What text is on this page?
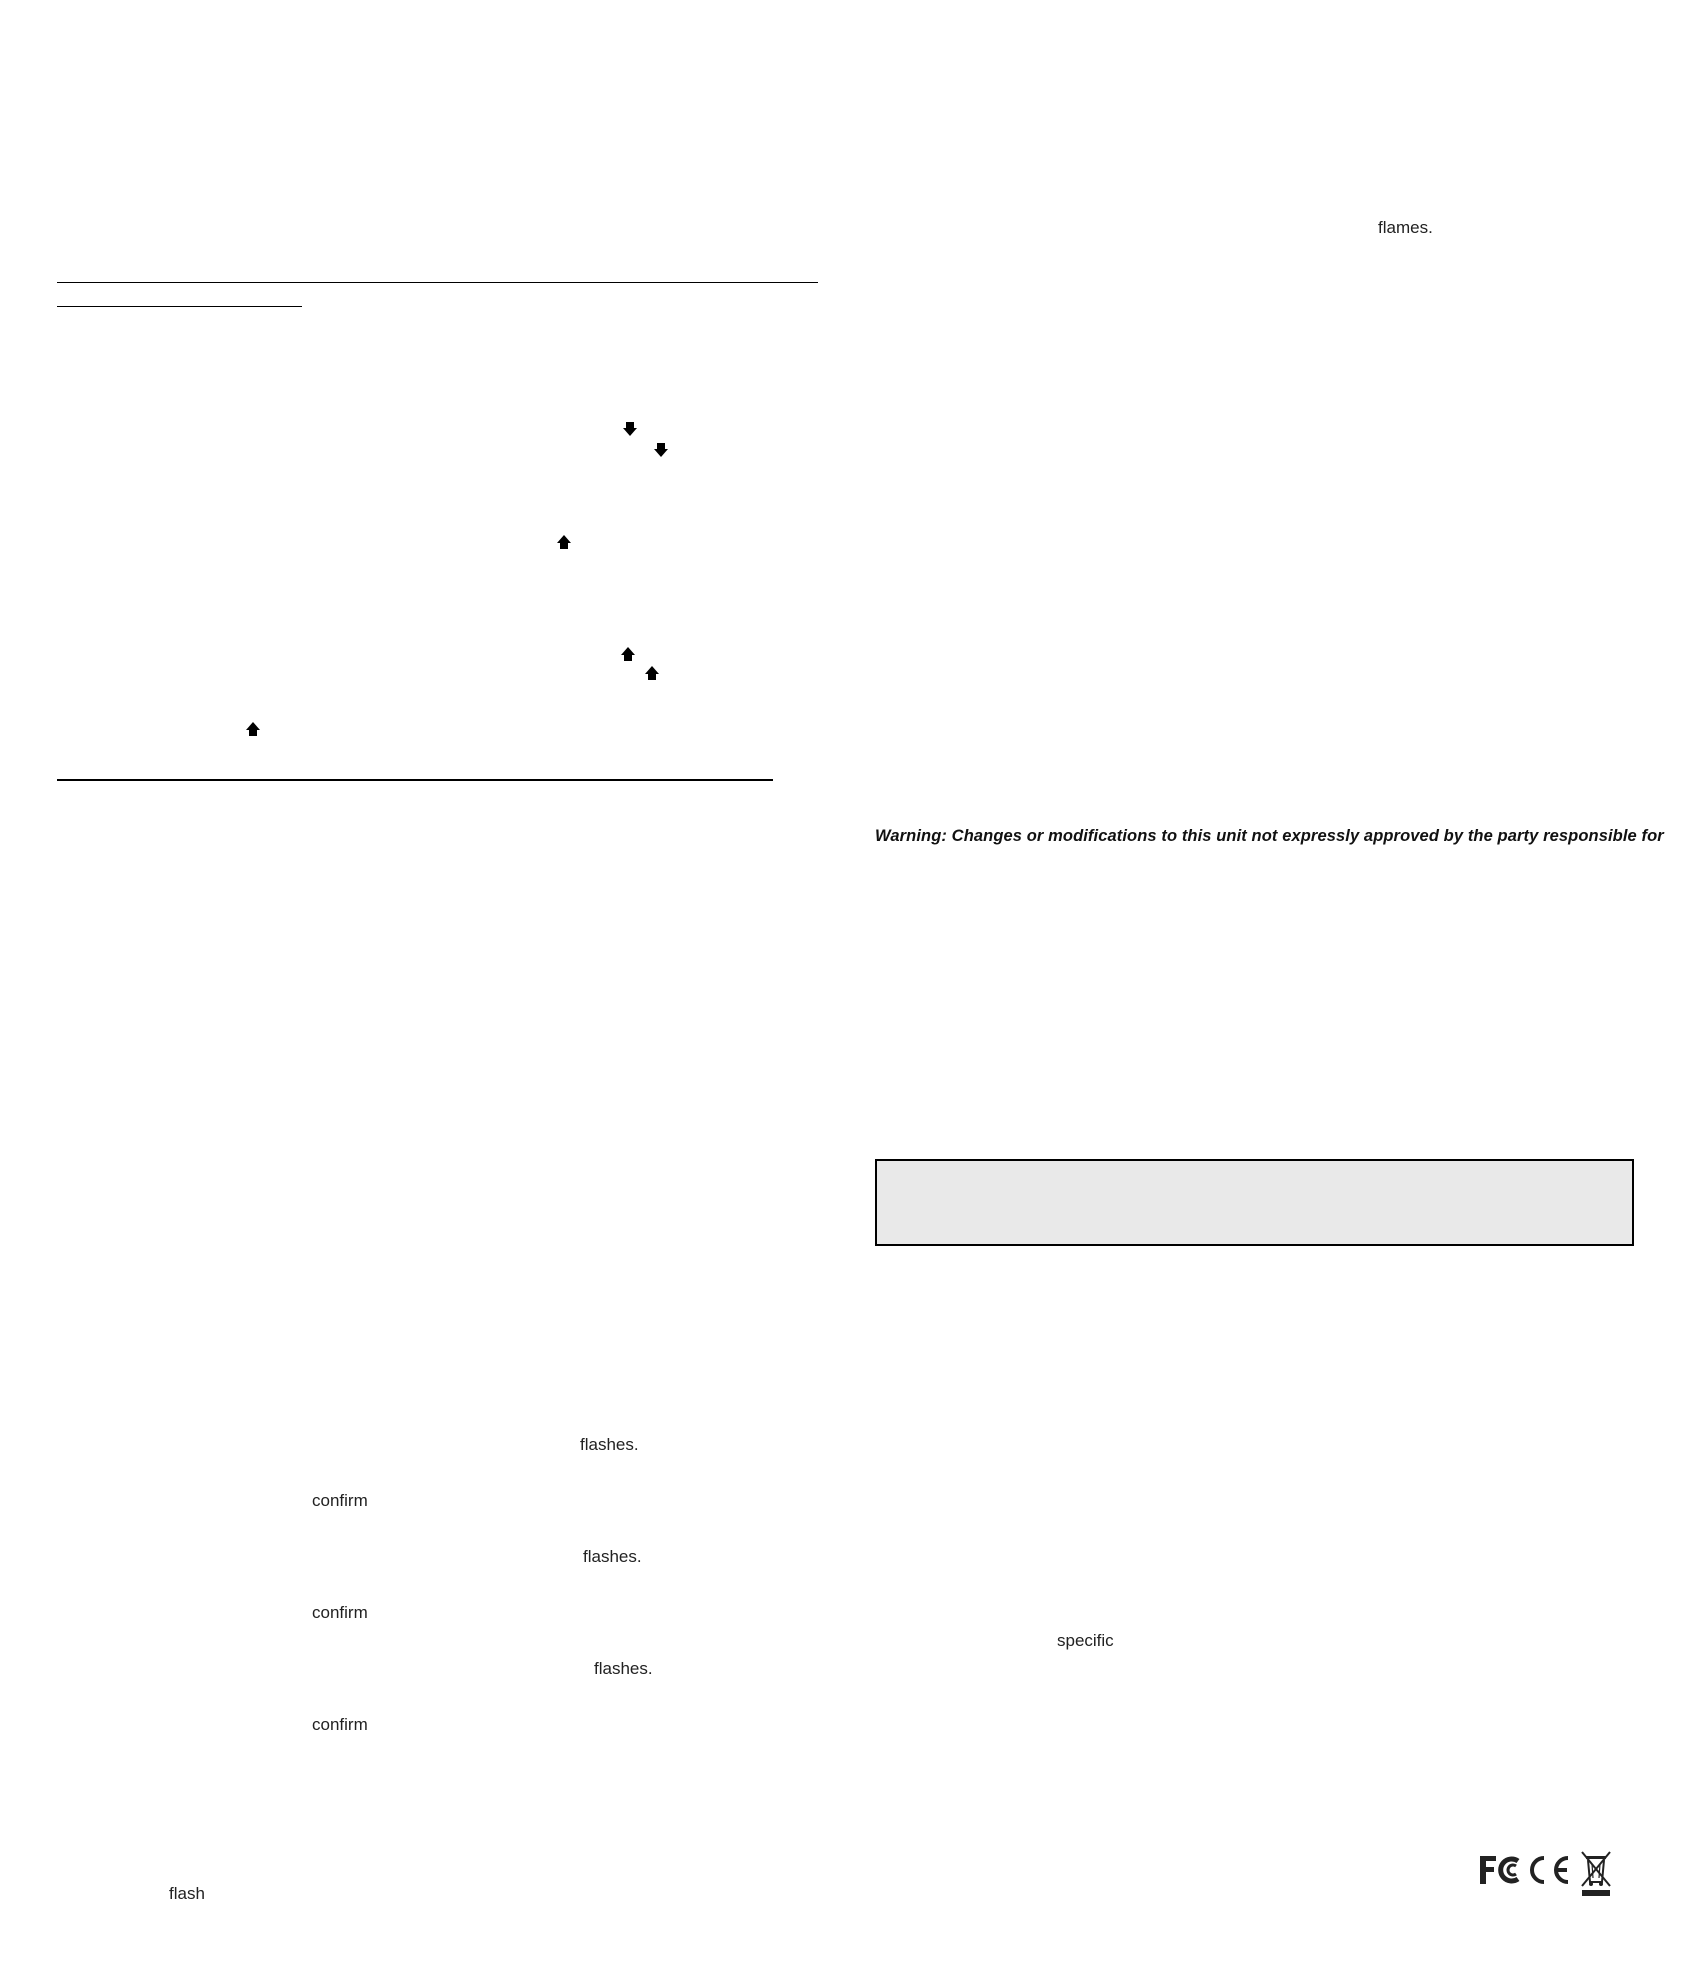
flashes.
confirm
flashes.
confirm
flashes.
confirm
flash
flames.
Warning: Changes or modifications to this unit not expressly approved by the party responsible for
specific
